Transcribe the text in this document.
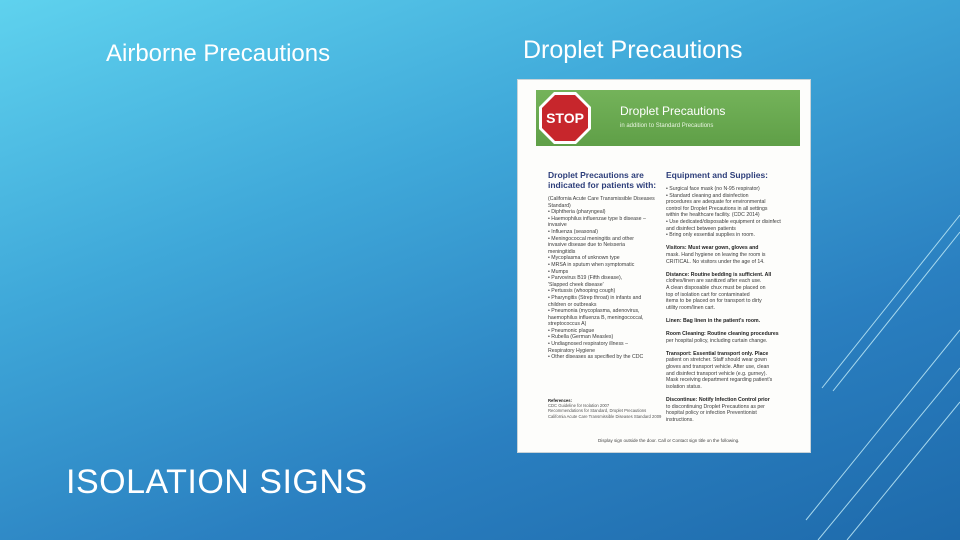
Airborne Precautions	Droplet Precautions
ISOLATION SIGNS
STOP	Droplet Precautions
in addition to Standard Precautions
Droplet Precautions are indicated for patients with:
Equipment and Supplies:
(California Acute Care Transmissible Diseases
Standard)
• Diphtheria (pharyngeal)
• Haemophilus influenzae type b disease –
invasive
• Influenza (seasonal)
• Meningococcal meningitis and other
invasive disease due to Neisseria
meningitidis
• Mycoplasma of unknown type
• MRSA in sputum when symptomatic
• Mumps
• Parvovirus B19 (Fifth disease),
'Slapped cheek disease'
• Pertussis (whooping cough)
• Pharyngitis (Strep throat) in infants and
children or outbreaks
• Pneumonia (mycoplasma, adenovirus,
haemophilus influenza B, meningococcal,
streptococcus A)
• Pneumonic plague
• Rubella (German Measles)
• Undiagnosed respiratory illness –
Respiratory Hygiene
• Other diseases as specified by the CDC
• Surgical face mask (no N-95 respirator)
• Standard cleaning and disinfection
procedures are adequate for environmental
control for Droplet Precautions in all settings
within the healthcare facility. (CDC 2014)
• Use dedicated/disposable equipment or disinfect
and disinfect between patients
• Bring only essential supplies in room.

Visitors: Must wear gown, gloves and
mask. Hand hygiene on leaving the room is
CRITICAL. No visitors under the age of 14.

Distance: Routine bedding is sufficient. All
clothes/linen are sanitized after each use.
A clean disposable chux must be placed on
top of isolation cart for contaminated
items to be placed on for transport to dirty
utility room/linen cart.

Linen: Bag linen in the patient's room.

Room Cleaning: Routine cleaning procedures
per hospital policy, including curtain change.

Transport: Essential transport only. Place
patient on stretcher. Staff should wear gown
gloves and transport vehicle. After use, clean
and disinfect transport vehicle (e.g. gurney).
Mask receiving department regarding patient's
isolation status.

Discontinue: Notify Infection Control prior
to discontinuing Droplet Precautions as per
hospital policy or infection Preventionist
instructions.
References:
CDC Guideline for Isolation 2007
Recommendations for Standard, Droplet Precautions
California Acute Care Transmissible Diseases Standard 2009
Display sign outside the door. Call or Contact sign title on the following.
